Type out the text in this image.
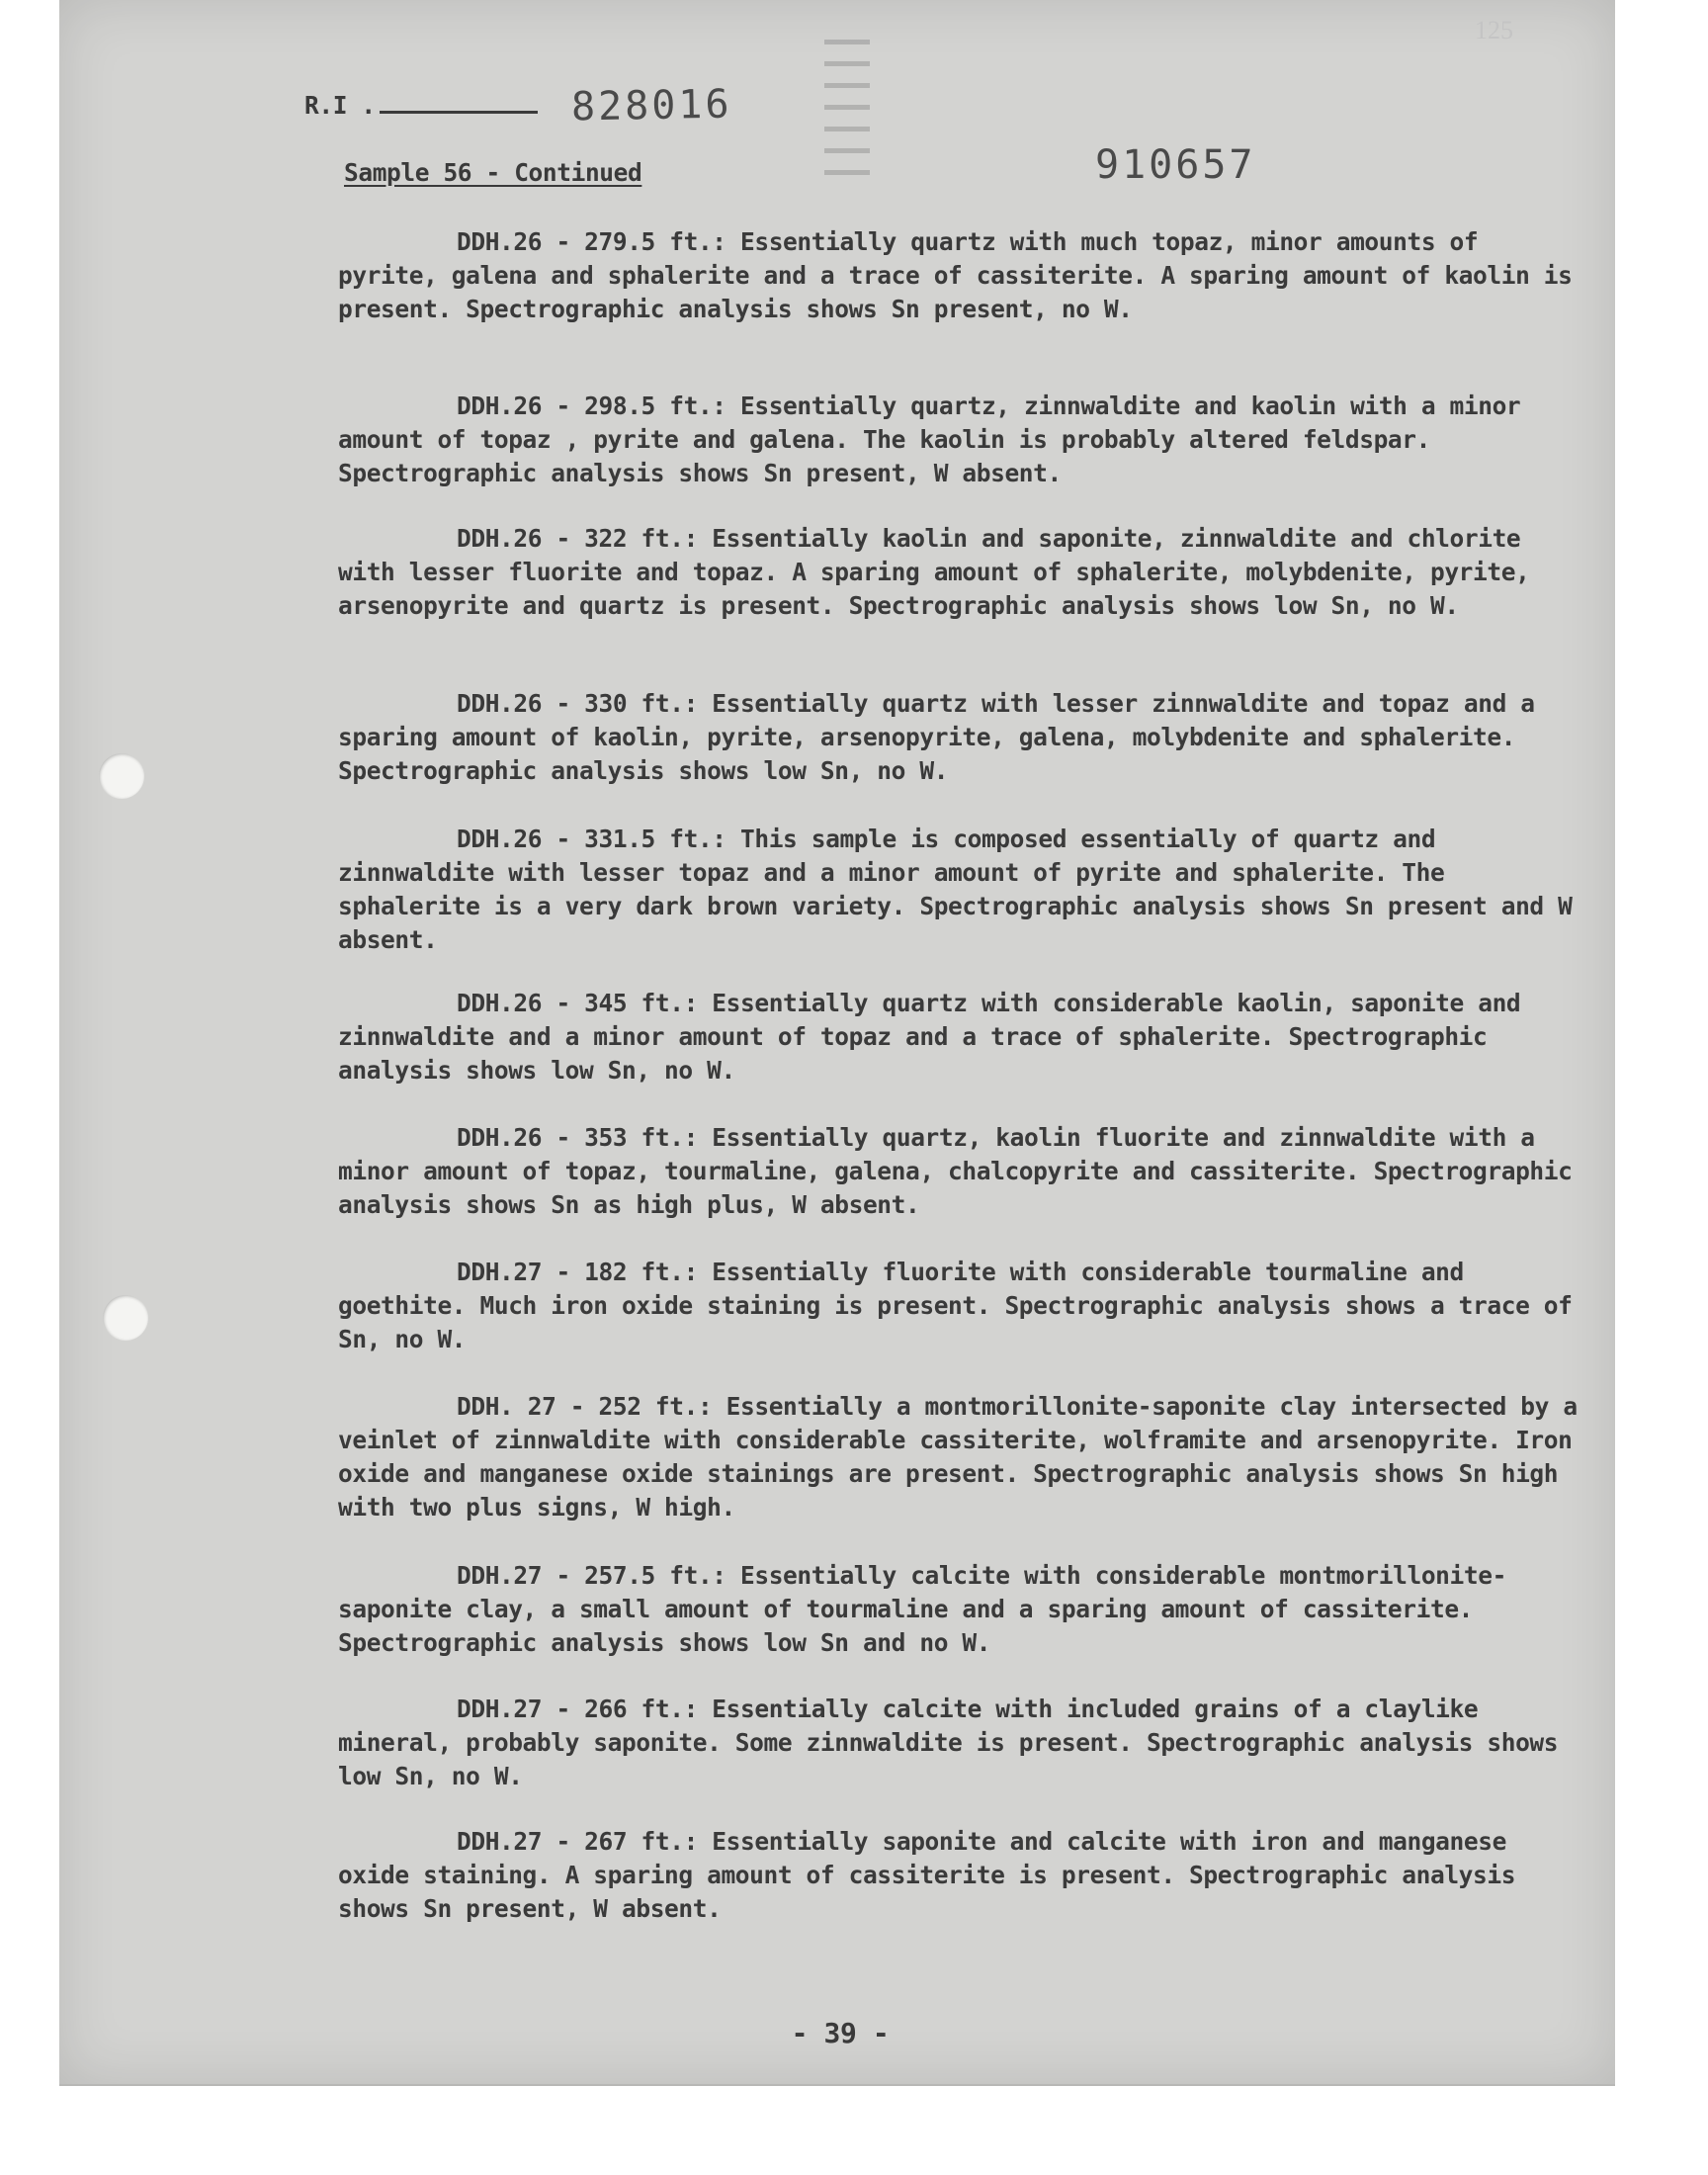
125
R.I .	828016
910657
Sample 56 - Continued

DDH.26 - 279.5 ft.: Essentially quartz with much topaz, minor amounts of pyrite, galena and sphalerite and a trace of cassiterite. A sparing amount of kaolin is present. Spectrographic analysis shows Sn present, no W.

DDH.26 - 298.5 ft.: Essentially quartz, zinnwaldite and kaolin with a minor amount of topaz , pyrite and galena. The kaolin is probably altered feldspar. Spectrographic analysis shows Sn present, W absent.

DDH.26 - 322 ft.: Essentially kaolin and saponite, zinnwaldite and chlorite with lesser fluorite and topaz. A sparing amount of sphalerite, molybdenite, pyrite, arsenopyrite and quartz is present. Spectrographic analysis shows low Sn, no W.

DDH.26 - 330 ft.: Essentially quartz with lesser zinnwaldite and topaz and a sparing amount of kaolin, pyrite, arsenopyrite, galena, molybdenite and sphalerite. Spectrographic analysis shows low Sn, no W.

DDH.26 - 331.5 ft.: This sample is composed essentially of quartz and zinnwaldite with lesser topaz and a minor amount of pyrite and sphalerite. The sphalerite is a very dark brown variety. Spectrographic analysis shows Sn present and W absent.

DDH.26 - 345 ft.: Essentially quartz with considerable kaolin, saponite and zinnwaldite and a minor amount of topaz and a trace of sphalerite. Spectrographic analysis shows low Sn, no W.

DDH.26 - 353 ft.: Essentially quartz, kaolin fluorite and zinnwaldite with a minor amount of topaz, tourmaline, galena, chalcopyrite and cassiterite. Spectrographic analysis shows Sn as high plus, W absent.

DDH.27 - 182 ft.: Essentially fluorite with considerable tourmaline and goethite. Much iron oxide staining is present. Spectrographic analysis shows a trace of Sn, no W.

DDH. 27 - 252 ft.: Essentially a montmorillonite-saponite clay intersected by a veinlet of zinnwaldite with considerable cassiterite, wolframite and arsenopyrite. Iron oxide and manganese oxide stainings are present. Spectrographic analysis shows Sn high with two plus signs, W high.

DDH.27 - 257.5 ft.: Essentially calcite with considerable montmorillonite-saponite clay, a small amount of tourmaline and a sparing amount of cassiterite. Spectrographic analysis shows low Sn and no W.

DDH.27 - 266 ft.: Essentially calcite with included grains of a claylike mineral, probably saponite. Some zinnwaldite is present. Spectrographic analysis shows low Sn, no W.

DDH.27 - 267 ft.: Essentially saponite and calcite with iron and manganese oxide staining. A sparing amount of cassiterite is present. Spectrographic analysis shows Sn present, W absent.

- 39 -
